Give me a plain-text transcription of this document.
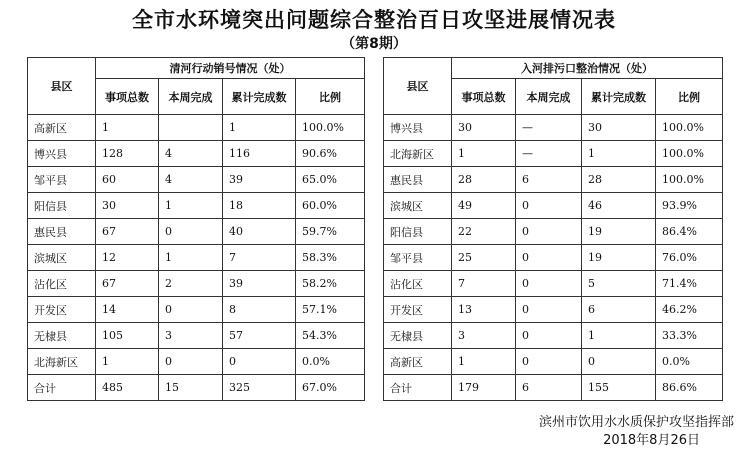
全市水环境突出问题综合整治百日攻坚进展情况表
（第8期）
县区	清河行动销号情况（处）			
	事项总数	本周完成	累计完成数	比例
高新区	1		1	100.0%
博兴县	128	4	116	90.6%
邹平县	60	4	39	65.0%
阳信县	30	1	18	60.0%
惠民县	67	0	40	59.7%
滨城区	12	1	7	58.3%
沾化区	67	2	39	58.2%
开发区	14	0	8	57.1%
无棣县	105	3	57	54.3%
北海新区	1	0	0	0.0%
合计	485	15	325	67.0%
县区	入河排污口整治情况（处）			
	事项总数	本周完成	累计完成数	比例
博兴县	30	—	30	100.0%
北海新区	1	—	1	100.0%
惠民县	28	6	28	100.0%
滨城区	49	0	46	93.9%
阳信县	22	0	19	86.4%
邹平县	25	0	19	76.0%
沾化区	7	0	5	71.4%
开发区	13	0	6	46.2%
无棣县	3	0	1	33.3%
高新区	1	0	0	0.0%
合计	179	6	155	86.6%
滨州市饮用水水质保护攻坚指挥部
2018年8月26日
